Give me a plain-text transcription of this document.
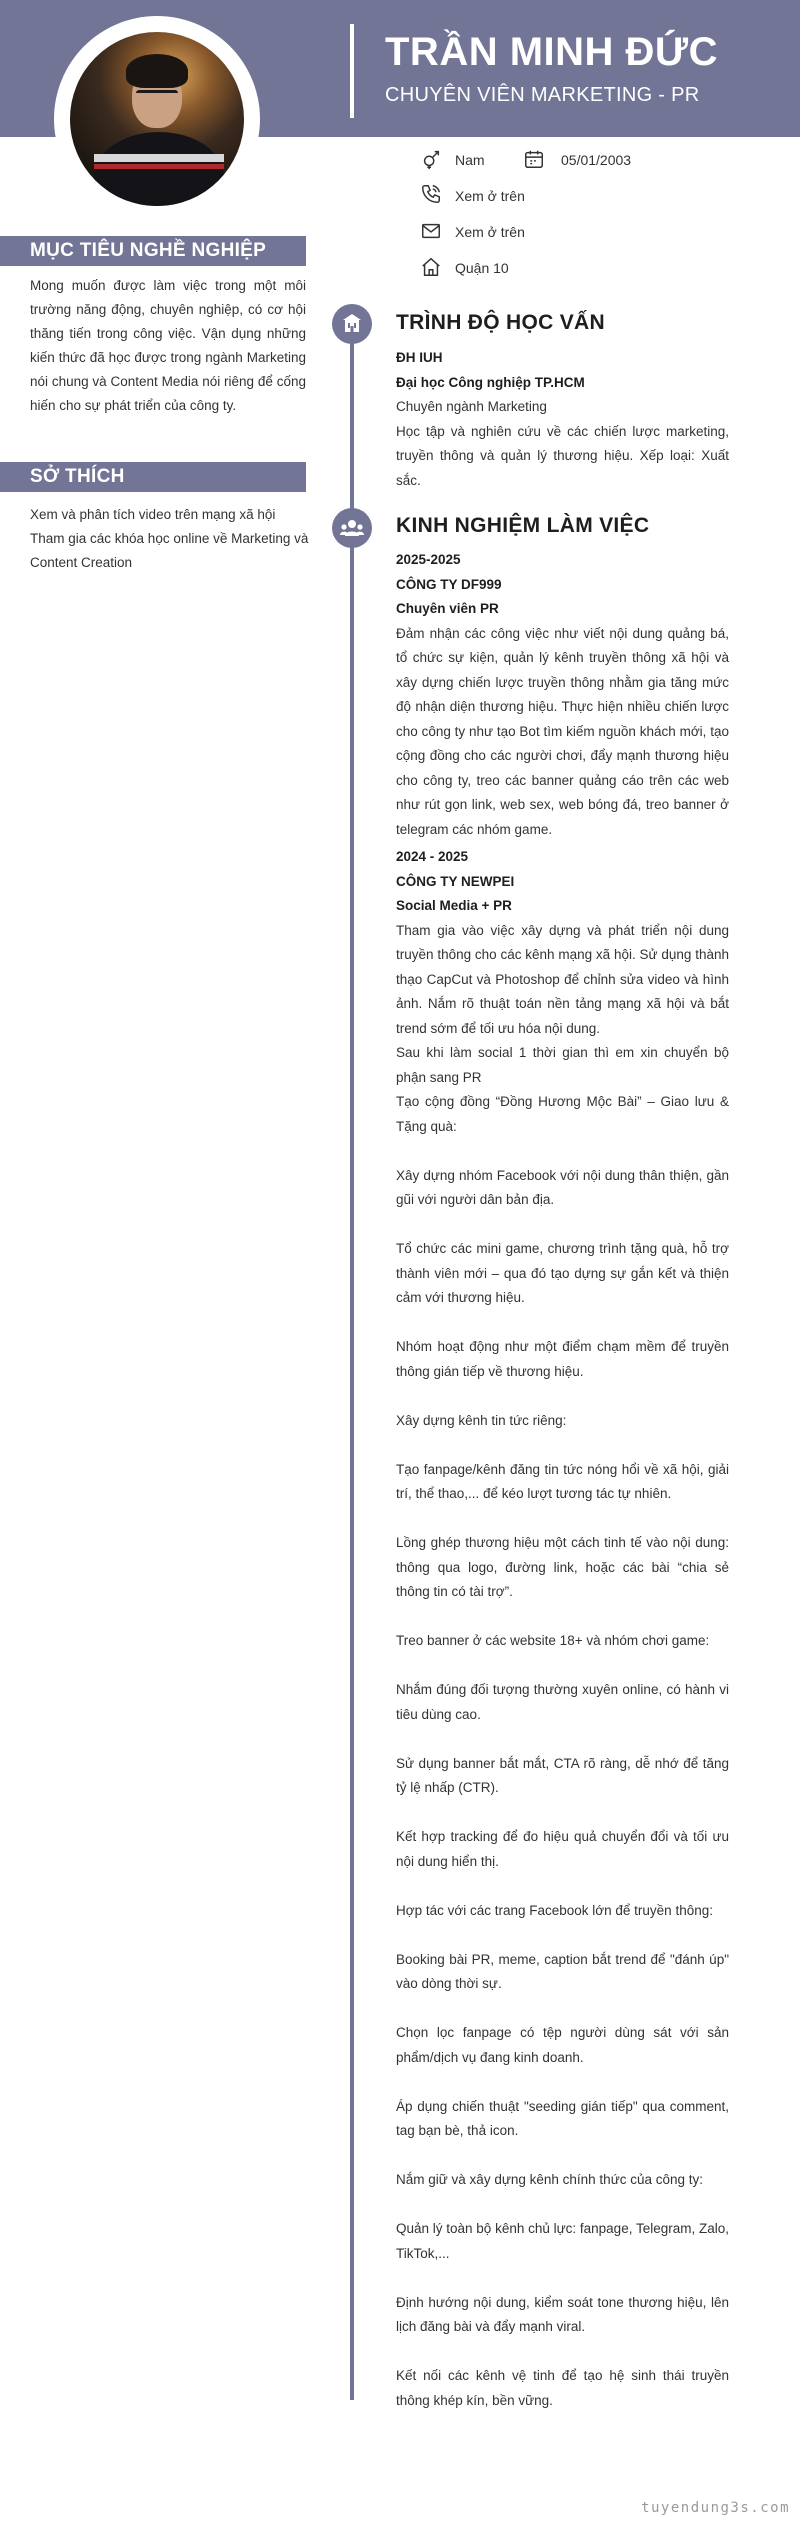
TRẦN MINH ĐỨC
CHUYÊN VIÊN MARKETING - PR
Nam	05/01/2003
Xem ở trên
Xem ở trên
Quận 10
MỤC TIÊU NGHỀ NGHIỆP
Mong muốn được làm việc trong một môi trường năng động, chuyên nghiệp, có cơ hội thăng tiến trong công việc. Vận dụng những kiến thức đã học được trong ngành Marketing nói chung và Content Media nói riêng để cống hiến cho sự phát triển của công ty.
SỞ THÍCH
Xem và phân tích video trên mạng xã hội
Tham gia các khóa học online về Marketing và Content Creation
TRÌNH ĐỘ HỌC VẤN
ĐH IUH
Đại học Công nghiệp TP.HCM
Chuyên ngành Marketing
Học tập và nghiên cứu về các chiến lược marketing, truyền thông và quản lý thương hiệu. Xếp loại: Xuất sắc.
KINH NGHIỆM LÀM VIỆC
2025-2025
CÔNG TY DF999
Chuyên viên PR
Đảm nhận các công việc như viết nội dung quảng bá, tổ chức sự kiện, quản lý kênh truyền thông xã hội và xây dựng chiến lược truyền thông nhằm gia tăng mức độ nhận diện thương hiệu. Thực hiện nhiều chiến lược cho công ty như tạo Bot tìm kiếm nguồn khách mới, tạo cộng đồng cho các người chơi, đẩy mạnh thương hiệu cho công ty, treo các banner quảng cáo trên các web như rút gọn link, web sex, web bóng đá, treo banner ở telegram các nhóm game.
2024 - 2025
CÔNG TY NEWPEI
Social Media + PR
Tham gia vào việc xây dựng và phát triển nội dung truyền thông cho các kênh mạng xã hội. Sử dụng thành thạo CapCut và Photoshop để chỉnh sửa video và hình ảnh. Nắm rõ thuật toán nền tảng mạng xã hội và bắt trend sớm để tối ưu hóa nội dung.
Sau khi làm social 1 thời gian thì em xin chuyển bộ phận sang PR
Tạo cộng đồng “Đồng Hương Mộc Bài” – Giao lưu & Tặng quà:
Xây dựng nhóm Facebook với nội dung thân thiện, gần gũi với người dân bản địa.
Tổ chức các mini game, chương trình tặng quà, hỗ trợ thành viên mới – qua đó tạo dựng sự gắn kết và thiện cảm với thương hiệu.
Nhóm hoạt động như một điểm chạm mềm để truyền thông gián tiếp về thương hiệu.
Xây dựng kênh tin tức riêng:
Tạo fanpage/kênh đăng tin tức nóng hổi về xã hội, giải trí, thể thao,... để kéo lượt tương tác tự nhiên.
Lồng ghép thương hiệu một cách tinh tế vào nội dung: thông qua logo, đường link, hoặc các bài “chia sẻ thông tin có tài trợ”.
Treo banner ở các website 18+ và nhóm chơi game:
Nhắm đúng đối tượng thường xuyên online, có hành vi tiêu dùng cao.
Sử dụng banner bắt mắt, CTA rõ ràng, dễ nhớ để tăng tỷ lệ nhấp (CTR).
Kết hợp tracking để đo hiệu quả chuyển đổi và tối ưu nội dung hiển thị.
Hợp tác với các trang Facebook lớn để truyền thông:
Booking bài PR, meme, caption bắt trend để "đánh úp" vào dòng thời sự.
Chọn lọc fanpage có tệp người dùng sát với sản phẩm/dịch vụ đang kinh doanh.
Áp dụng chiến thuật "seeding gián tiếp" qua comment, tag bạn bè, thả icon.
Nắm giữ và xây dựng kênh chính thức của công ty:
Quản lý toàn bộ kênh chủ lực: fanpage, Telegram, Zalo, TikTok,...
Định hướng nội dung, kiểm soát tone thương hiệu, lên lịch đăng bài và đẩy mạnh viral.
Kết nối các kênh vệ tinh để tạo hệ sinh thái truyền thông khép kín, bền vững.
tuyendung3s.com
